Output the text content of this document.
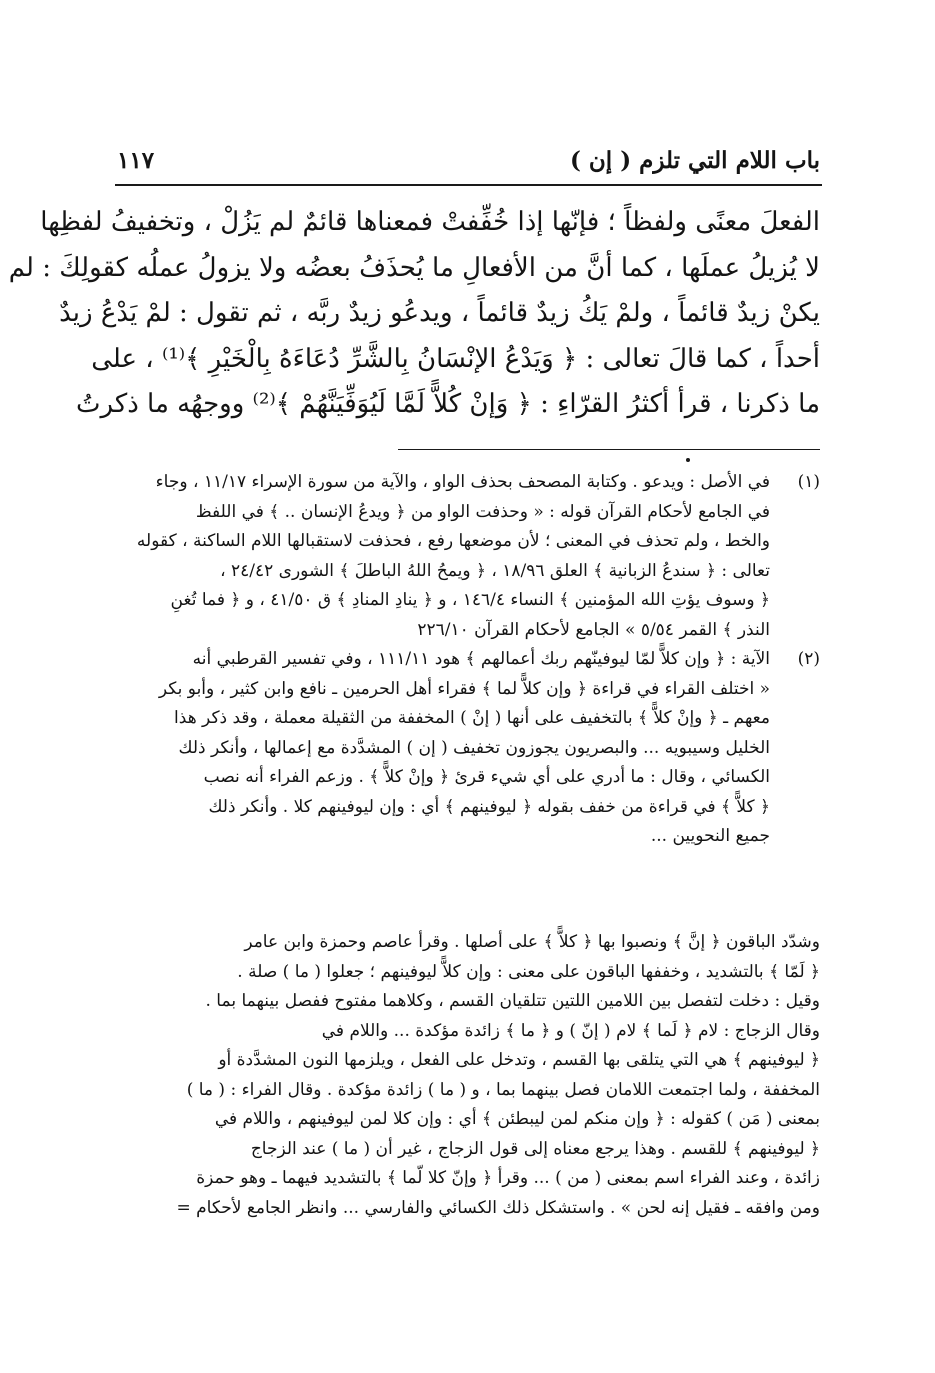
باب اللام التي تلزم ( إن )
١١٧
الفعلَ معنًى ولفظاً ؛ فإنّها إذا خُفِّفتْ فمعناها قائمٌ لم يَزُلْ ، وتخفيفُ لفظِها
لا يُزيلُ عملَها ، كما أنَّ من الأفعالِ ما يُحذَفُ بعضُه ولا يزولُ عملُه كقولِكَ : لم
يكنْ زيدٌ قائماً ، ولمْ يَكُ زيدٌ قائماً ، ويدعُو زيدٌ ربَّه ، ثم تقول : لمْ يَدْعُ زيدٌ
أحداً ، كما قالَ تعالى : ﴿ وَيَدْعُ الإنْسَانُ بِالشَّرِّ دُعَاءَهُ بِالْخَيْرِ ﴾⁽¹⁾ ، على
ما ذكرنا ، قرأ أكثرُ القرّاءِ : ﴿ وَإنْ كُلاًّ لَمَّا لَيُوَفِّيَنَّهُمْ ﴾⁽²⁾ ووجهُه ما ذكرتُ
(١)
في الأصل : ويدعو . وكتابة المصحف بحذف الواو ، والآية من سورة الإسراء ١١/١٧ ، وجاء
في الجامع لأحكام القرآن قوله : « وحذفت الواو من ﴿ ويدعُ الإنسان .. ﴾ في اللفظ
والخط ، ولم تحذف في المعنى ؛ لأن موضعها رفع ، فحذفت لاستقبالها اللام الساكنة ، كقوله
تعالى : ﴿ سندعُ الزبانية ﴾ العلق ١٨/٩٦ ، ﴿ ويمحُ اللهُ الباطلَ ﴾ الشورى ٢٤/٤٢ ،
﴿ وسوف يؤتِ الله المؤمنين ﴾ النساء ١٤٦/٤ ، و ﴿ ينادِ المنادِ ﴾ ق ٤١/٥٠ ، و ﴿ فما تُغنِ
النذر ﴾ القمر ٥/٥٤ » الجامع لأحكام القرآن ٢٢٦/١٠
(٢)
الآية : ﴿ وإن كلاًّ لمّا ليوفينّهم ربك أعمالهم ﴾ هود ١١١/١١ ، وفي تفسير القرطبي أنه
« اختلف القراء في قراءة ﴿ وإن كلاًّ لما ﴾ فقراء أهل الحرمين ـ نافع وابن كثير ، وأبو بكر
معهم ـ ﴿ وإنْ كلاًّ ﴾ بالتخفيف على أنها ( إنْ ) المخففة من الثقيلة معملة ، وقد ذكر هذا
الخليل وسيبويه ... والبصريون يجوزون تخفيف ( إن ) المشدَّدة مع إعمالها ، وأنكر ذلك
الكسائي ، وقال : ما أدري على أي شيء قرئ ﴿ وإنْ كلاًّ ﴾ . وزعم الفراء أنه نصب
﴿ كلاًّ ﴾ في قراءة من خفف بقوله ﴿ ليوفينهم ﴾ أي : وإن ليوفينهم كلا . وأنكر ذلك
جميع النحويين ...
وشدّد الباقون ﴿ إنَّ ﴾ ونصبوا بها ﴿ كلاًّ ﴾ على أصلها . وقرأ عاصم وحمزة وابن عامر
﴿ لَمّا ﴾ بالتشديد ، وخففها الباقون على معنى : وإن كلاًّ ليوفينهم ؛ جعلوا ( ما ) صلة .
وقيل : دخلت لتفصل بين اللامين اللتين تتلقيان القسم ، وكلاهما مفتوح ففصل بينهما بما .
وقال الزجاج : لام ﴿ لَما ﴾ لام ( إنّ ) و ﴿ ما ﴾ زائدة مؤكدة ... واللام في
﴿ ليوفينهم ﴾ هي التي يتلقى بها القسم ، وتدخل على الفعل ، ويلزمها النون المشدَّدة أو
المخففة ، ولما اجتمعت اللامان فصل بينهما بما ، و ( ما ) زائدة مؤكدة . وقال الفراء : ( ما )
بمعنى ( مَن ) كقوله : ﴿ وإن منكم لمن ليبطئن ﴾ أي : وإن كلا لمن ليوفينهم ، واللام في
﴿ ليوفينهم ﴾ للقسم . وهذا يرجع معناه إلى قول الزجاج ، غير أن ( ما ) عند الزجاج
زائدة ، وعند الفراء اسم بمعنى ( من ) ... وقرأ ﴿ وإنّ كلا لّما ﴾ بالتشديد فيهما ـ وهو حمزة
ومن وافقه ـ فقيل إنه لحن » . واستشكل ذلك الكسائي والفارسي ... وانظر الجامع لأحكام =
